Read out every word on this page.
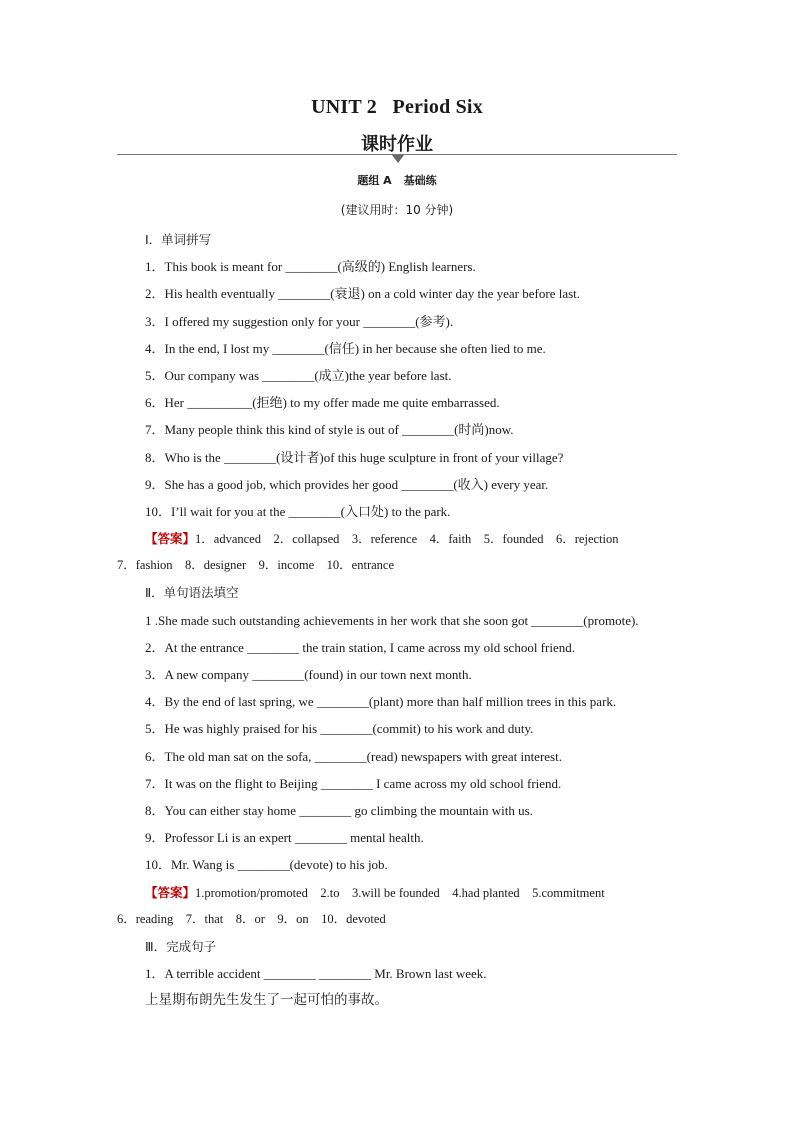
UNIT 2   Period Six
课时作业
题组 A 基础练
(建议用时：10 分钟)
Ⅰ．单词拼写
1．This book is meant for ________(高级的) English learners.
2．His health eventually ________(衰退) on a cold winter day the year before last.
3．I offered my suggestion only for your ________(参考).
4．In the end, I lost my ________(信任) in her because she often lied to me.
5．Our company was ________(成立)the year before last.
6．Her __________(拒绝) to my offer made me quite embarrassed.
7．Many people think this kind of style is out of ________(时尚)now.
8．Who is the ________(设计者)of this huge sculpture in front of your village?
9．She has a good job, which provides her good ________(收入) every year.
10．I’ll wait for you at the ________(入口处) to the park.
【答案】1．advanced　2．collapsed　3．reference　4．faith　5．founded　6．rejection
7．fashion　8．designer　9．income　10．entrance
Ⅱ．单句语法填空
1 .She made such outstanding achievements in her work that she soon got ________(promote).
2．At the entrance ________ the train station, I came across my old school friend.
3．A new company ________(found) in our town next month.
4．By the end of last spring, we ________(plant) more than half million trees in this park.
5．He was highly praised for his ________(commit) to his work and duty.
6．The old man sat on the sofa, ________(read) newspapers with great interest.
7．It was on the flight to Beijing ________ I came across my old school friend.
8．You can either stay home ________ go climbing the mountain with us.
9．Professor Li is an expert ________ mental health.
10．Mr. Wang is ________(devote) to his job.
【答案】1.promotion/promoted　2.to　3.will be founded　4.had planted　5.commitment
6．reading　7．that　8．or　9．on　10．devoted
Ⅲ．完成句子
1．A terrible accident ________ ________ Mr. Brown last week.
上星期布朗先生发生了一起可怕的事故。
